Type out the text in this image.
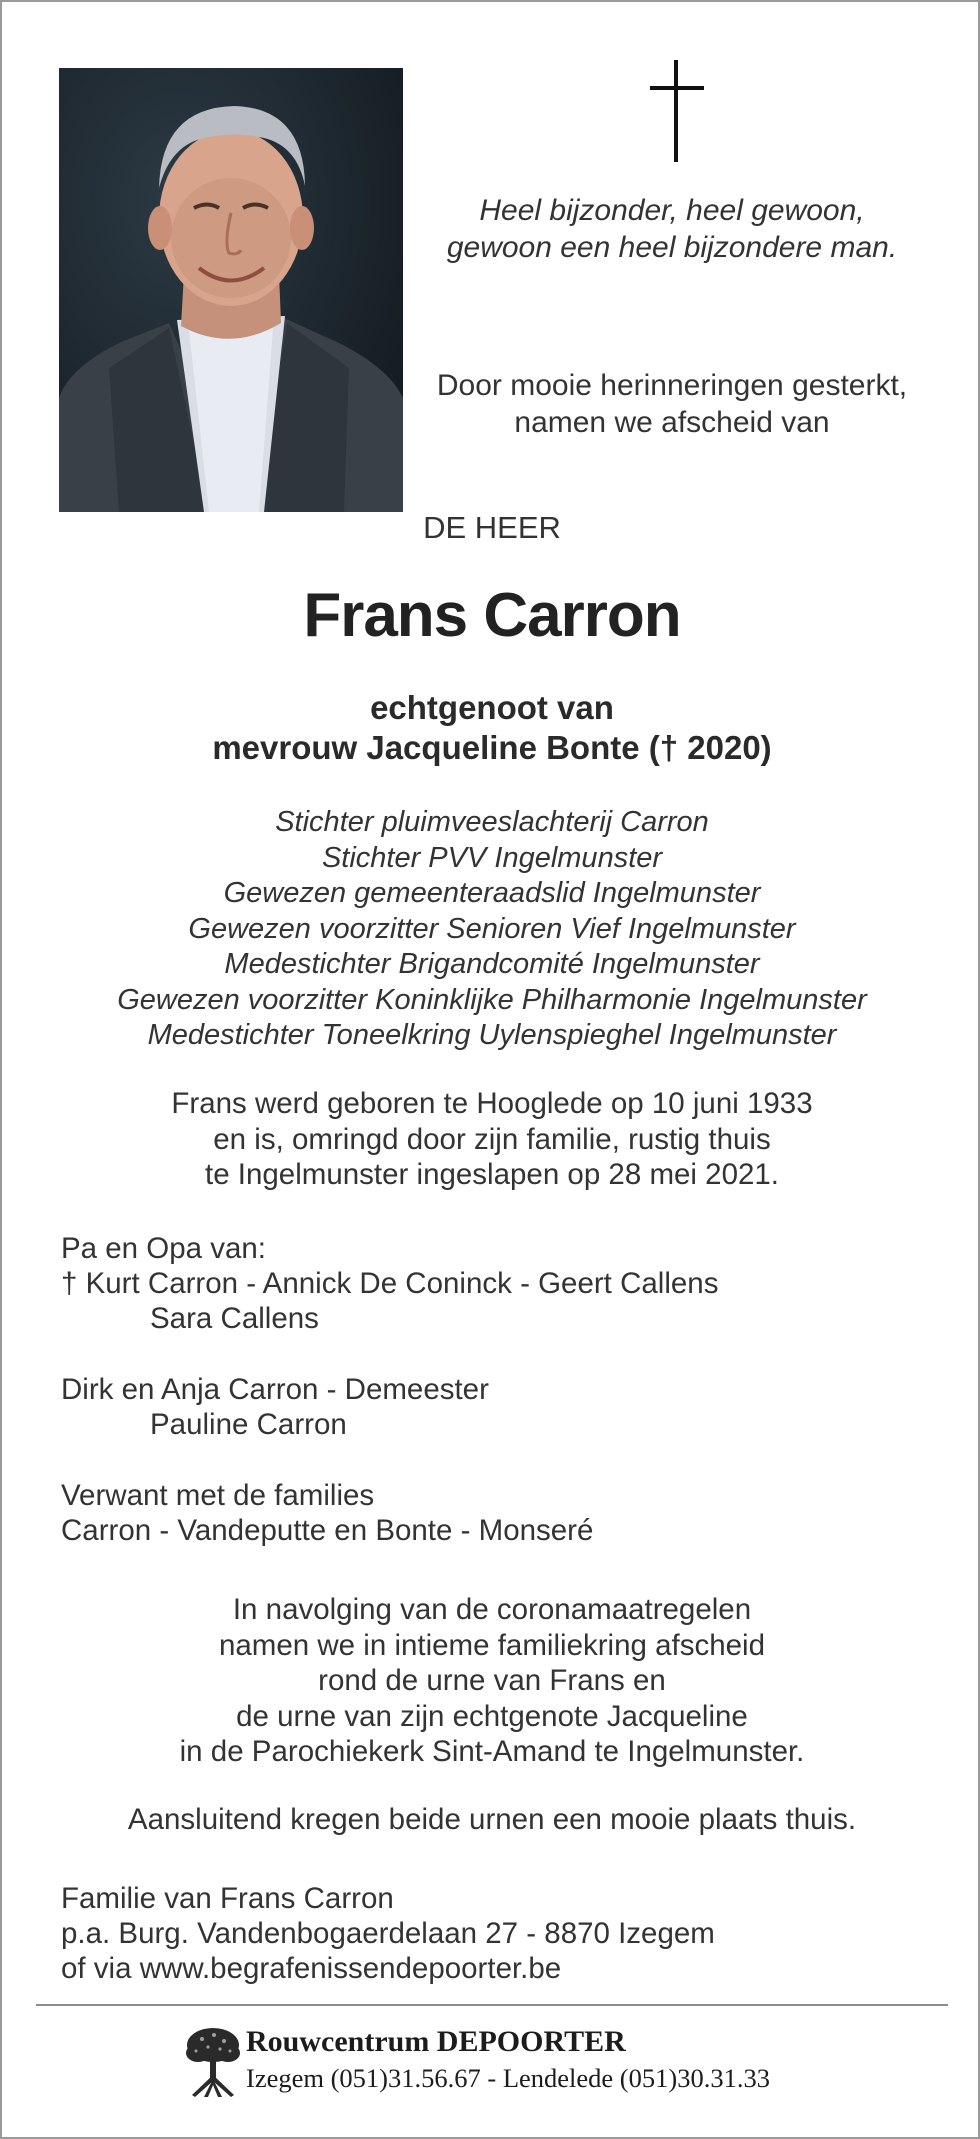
Heel bijzonder, heel gewoon,
gewoon een heel bijzondere man.
Door mooie herinneringen gesterkt,
namen we afscheid van
DE HEER
Frans Carron
echtgenoot van
mevrouw Jacqueline Bonte († 2020)
Stichter pluimveeslachterij Carron
Stichter PVV Ingelmunster
Gewezen gemeenteraadslid Ingelmunster
Gewezen voorzitter Senioren Vief Ingelmunster
Medestichter Brigandcomité Ingelmunster
Gewezen voorzitter Koninklijke Philharmonie Ingelmunster
Medestichter Toneelkring Uylenspieghel Ingelmunster
Frans werd geboren te Hooglede op 10 juni 1933
en is, omringd door zijn familie, rustig thuis
te Ingelmunster ingeslapen op 28 mei 2021.
Pa en Opa van:
† Kurt Carron - Annick De Coninck - Geert Callens
Sara Callens
Dirk en Anja Carron - Demeester
Pauline Carron
Verwant met de families
Carron - Vandeputte en Bonte - Monseré
In navolging van de coronamaatregelen
namen we in intieme familiekring afscheid
rond de urne van Frans en
de urne van zijn echtgenote Jacqueline
in de Parochiekerk Sint-Amand te Ingelmunster.
Aansluitend kregen beide urnen een mooie plaats thuis.
Familie van Frans Carron
p.a. Burg. Vandenbogaerdelaan 27 - 8870 Izegem
of via www.begrafenissendepoorter.be
Rouwcentrum DEPOORTER
Izegem (051)31.56.67 - Lendelede (051)30.31.33
